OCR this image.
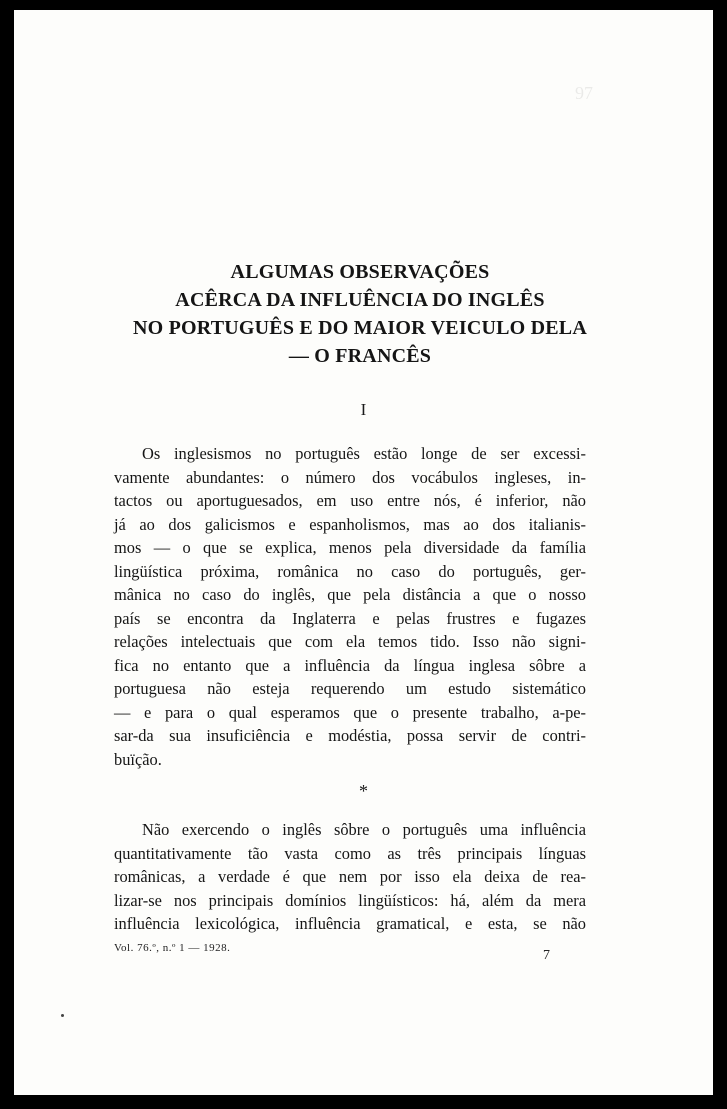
97
ALGUMAS OBSERVAÇÕES
ACÊRCA DA INFLUÊNCIA DO INGLÊS
NO PORTUGUÊS E DO MAIOR VEICULO DELA
— O FRANCÊS
I

Os inglesismos no português estão longe de ser excessi-
vamente abundantes: o número dos vocábulos ingleses, in-
tactos ou aportuguesados, em uso entre nós, é inferior, não
já ao dos galicismos e espanholismos, mas ao dos italianis-
mos — o que se explica, menos pela diversidade da família
lingüística próxima, românica no caso do português, ger-
mânica no caso do inglês, que pela distância a que o nosso
país se encontra da Inglaterra e pelas frustres e fugazes
relações intelectuais que com ela temos tido. Isso não signi-
fica no entanto que a influência da língua inglesa sôbre a
portuguesa não esteja requerendo um estudo sistemático
— e para o qual esperamos que o presente trabalho, a-pe-
sar-da sua insuficiência e modéstia, possa servir de contri-
buïção.

*

Não exercendo o inglês sôbre o português uma influência
quantitativamente tão vasta como as três principais línguas
românicas, a verdade é que nem por isso ela deixa de rea-
lizar-se nos principais domínios lingüísticos: há, além da mera
influência lexicológica, influência gramatical, e esta, se não

Vol. 76.º, n.º 1 — 1928.	7
